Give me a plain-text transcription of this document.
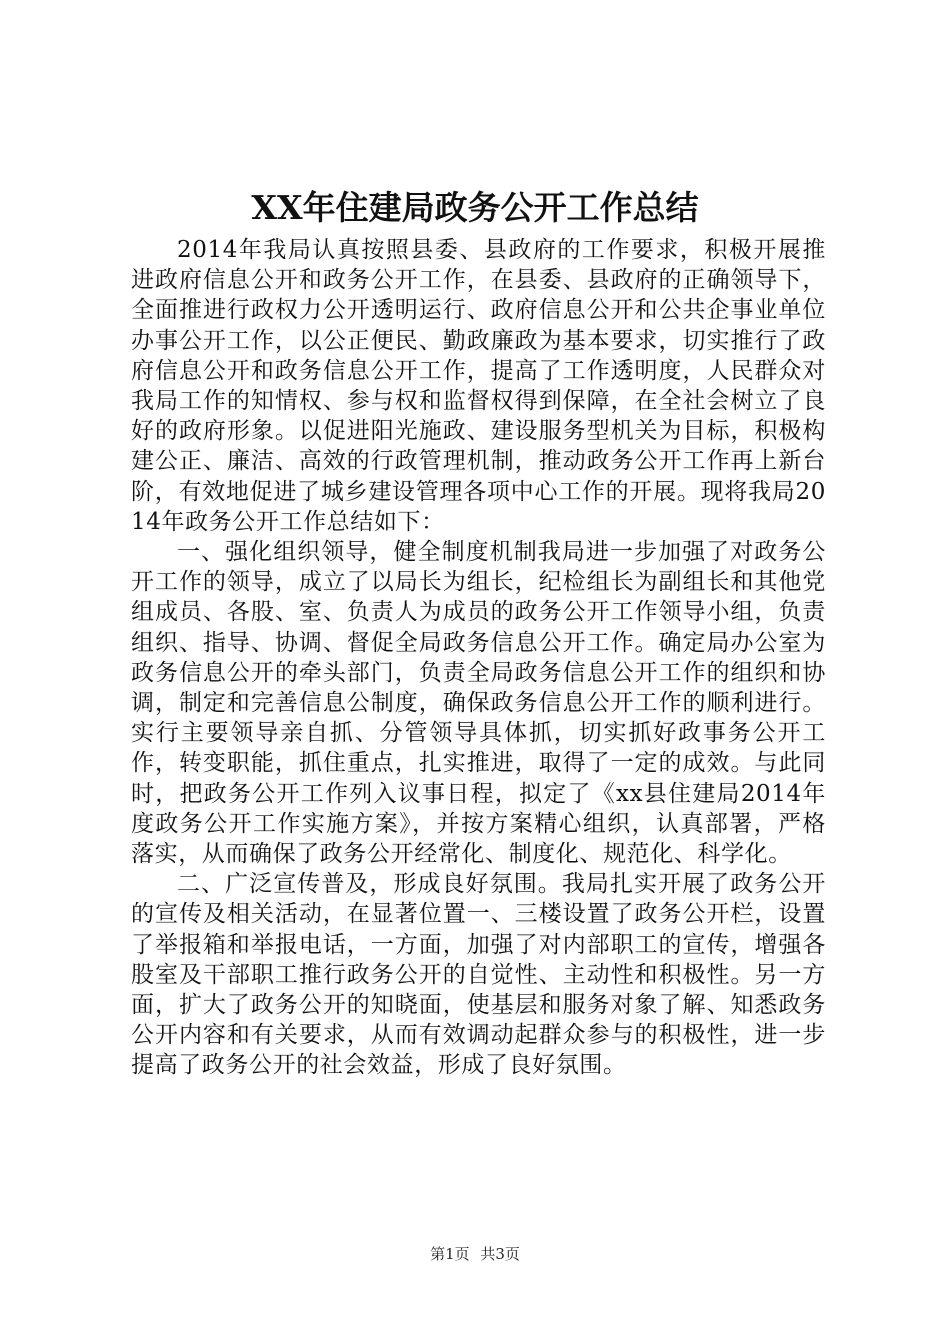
XX年住建局政务公开工作总结

2014年我局认真按照县委、县政府的工作要求，积极开展推进政府信息公开和政务公开工作，在县委、县政府的正确领导下，全面推进行政权力公开透明运行、政府信息公开和公共企事业单位办事公开工作，以公正便民、勤政廉政为基本要求，切实推行了政府信息公开和政务信息公开工作，提高了工作透明度，人民群众对我局工作的知情权、参与权和监督权得到保障，在全社会树立了良好的政府形象。以促进阳光施政、建设服务型机关为目标，积极构建公正、廉洁、高效的行政管理机制，推动政务公开工作再上新台阶，有效地促进了城乡建设管理各项中心工作的开展。现将我局2014年政务公开工作总结如下：

一、强化组织领导，健全制度机制我局进一步加强了对政务公开工作的领导，成立了以局长为组长，纪检组长为副组长和其他党组成员、各股、室、负责人为成员的政务公开工作领导小组，负责组织、指导、协调、督促全局政务信息公开工作。确定局办公室为政务信息公开的牵头部门，负责全局政务信息公开工作的组织和协调，制定和完善信息公制度，确保政务信息公开工作的顺利进行。实行主要领导亲自抓、分管领导具体抓，切实抓好政事务公开工作，转变职能，抓住重点，扎实推进，取得了一定的成效。与此同时，把政务公开工作列入议事日程，拟定了《xx县住建局2014年度政务公开工作实施方案》，并按方案精心组织，认真部署，严格落实，从而确保了政务公开经常化、制度化、规范化、科学化。

二、广泛宣传普及，形成良好氛围。我局扎实开展了政务公开的宣传及相关活动，在显著位置一、三楼设置了政务公开栏，设置了举报箱和举报电话，一方面，加强了对内部职工的宣传，增强各股室及干部职工推行政务公开的自觉性、主动性和积极性。另一方面，扩大了政务公开的知晓面，使基层和服务对象了解、知悉政务公开内容和有关要求，从而有效调动起群众参与的积极性，进一步提高了政务公开的社会效益，形成了良好氛围。

第1页 共3页
